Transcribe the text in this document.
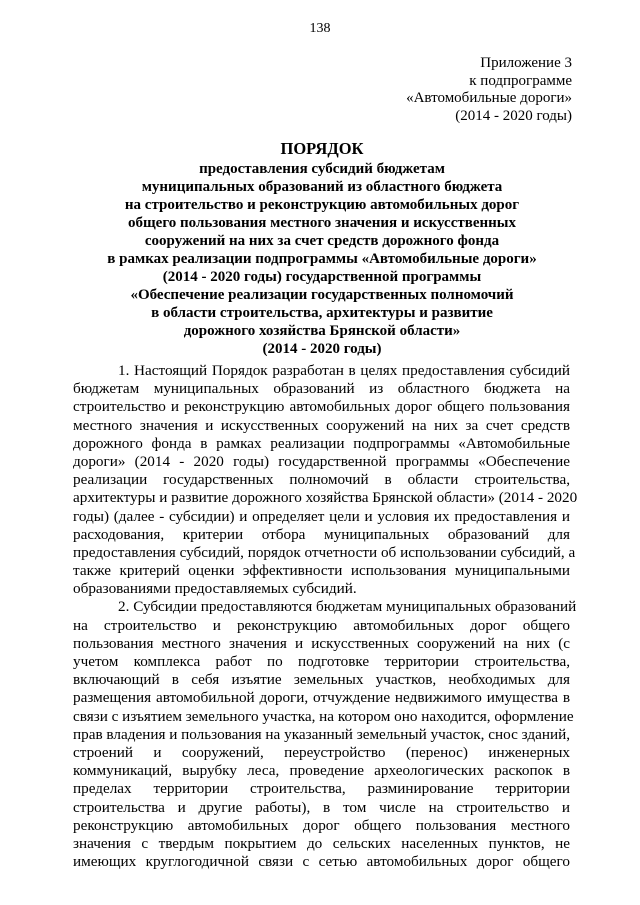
138
Приложение 3
к подпрограмме
«Автомобильные дороги»
(2014 - 2020 годы)
ПОРЯДОК
предоставления субсидий бюджетам
муниципальных образований из областного бюджета
на строительство и реконструкцию автомобильных дорог
общего пользования местного значения и искусственных
сооружений на них за счет средств дорожного фонда
в рамках реализации подпрограммы «Автомобильные дороги»
(2014 - 2020 годы) государственной программы
«Обеспечение реализации государственных полномочий
в области строительства, архитектуры и развитие
дорожного хозяйства Брянской области»
(2014 - 2020 годы)
1. Настоящий Порядок разработан в целях предоставления субсидий
бюджетам муниципальных образований из областного бюджета на
строительство и реконструкцию автомобильных дорог общего пользования
местного значения и искусственных сооружений на них за счет средств
дорожного фонда в рамках реализации подпрограммы «Автомобильные
дороги» (2014 - 2020 годы) государственной программы «Обеспечение
реализации государственных полномочий в области строительства,
архитектуры и развитие дорожного хозяйства Брянской области» (2014 - 2020
годы) (далее - субсидии) и определяет цели и условия их предоставления и
расходования, критерии отбора муниципальных образований для
предоставления субсидий, порядок отчетности об использовании субсидий, а
также критерий оценки эффективности использования муниципальными
образованиями предоставляемых субсидий.
2. Субсидии предоставляются бюджетам муниципальных образований
на строительство и реконструкцию автомобильных дорог общего
пользования местного значения и искусственных сооружений на них (с
учетом комплекса работ по подготовке территории строительства,
включающий в себя изъятие земельных участков, необходимых для
размещения автомобильной дороги, отчуждение недвижимого имущества в
связи с изъятием земельного участка, на котором оно находится, оформление
прав владения и пользования на указанный земельный участок, снос зданий,
строений и сооружений, переустройство (перенос) инженерных
коммуникаций, вырубку леса, проведение археологических раскопок в
пределах территории строительства, разминирование территории
строительства и другие работы), в том числе на строительство и
реконструкцию автомобильных дорог общего пользования местного
значения с твердым покрытием до сельских населенных пунктов, не
имеющих круглогодичной связи с сетью автомобильных дорог общего
